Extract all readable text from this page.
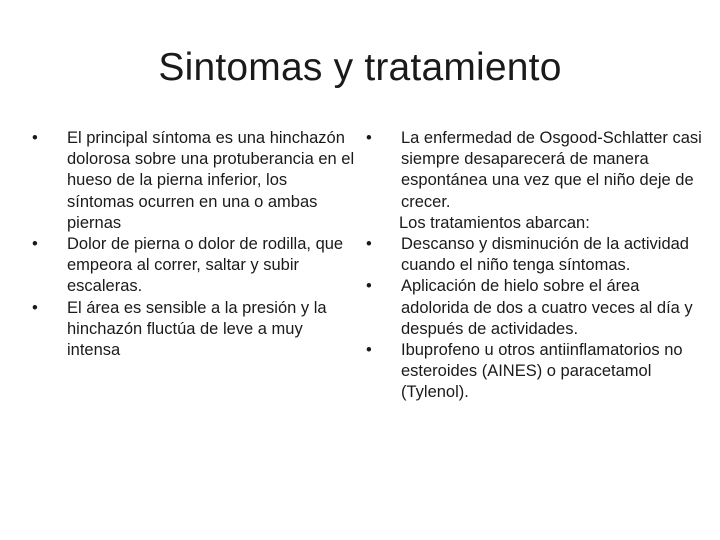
Sintomas y tratamiento
•	El principal síntoma es una hinchazón dolorosa sobre una protuberancia en el hueso de la pierna inferior, los síntomas ocurren en una o ambas piernas
•	Dolor de pierna o dolor de rodilla, que empeora al correr, saltar y subir escaleras.
•	El área es sensible a la presión y la hinchazón fluctúa de leve a muy intensa
•	La enfermedad de Osgood-Schlatter casi siempre desaparecerá de manera espontánea una vez que el niño deje de crecer.

Los tratamientos abarcan:

•	Descanso y disminución de la actividad cuando el niño tenga síntomas.
•	Aplicación de hielo sobre el área adolorida de dos a cuatro veces al día y después de actividades.
•	Ibuprofeno u otros antiinflamatorios no esteroides (AINES) o paracetamol (Tylenol).
